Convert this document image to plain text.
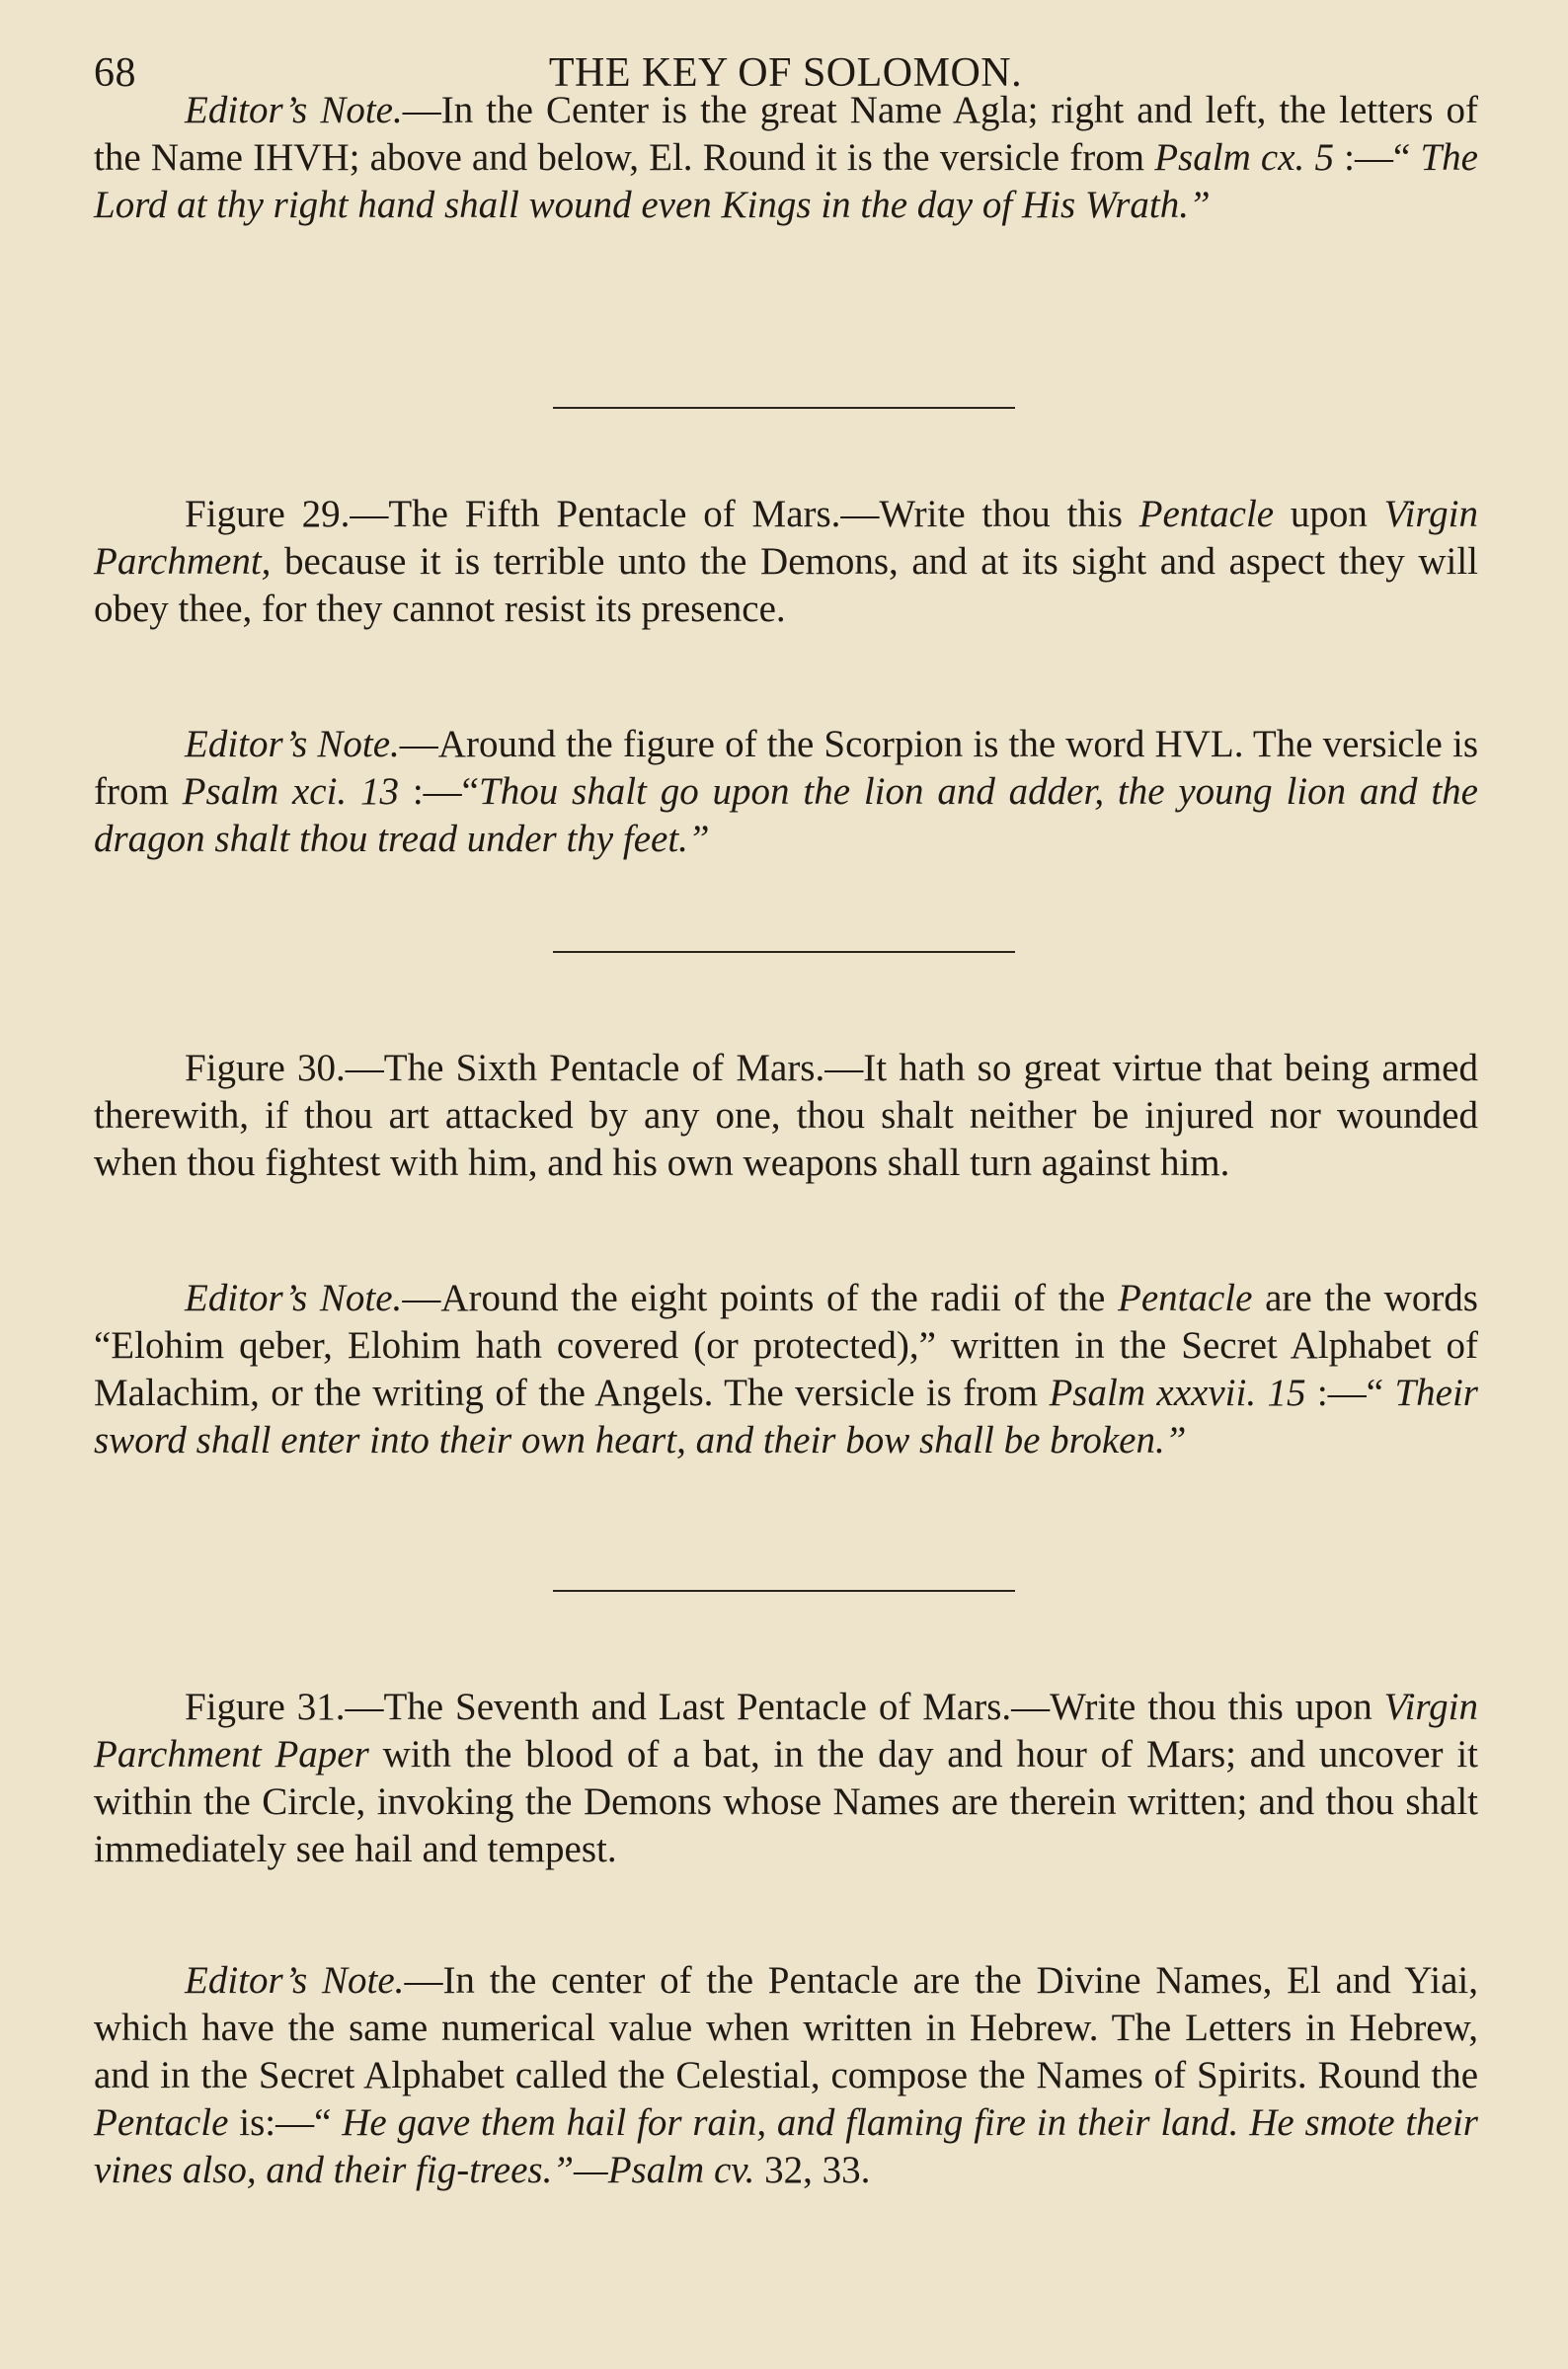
68	THE KEY OF SOLOMON.

Editor’s Note.—In the Center is the great Name Agla; right and left, the letters of the Name IHVH; above and below, El. Round it is the versicle from Psalm cx. 5 :—“ The Lord at thy right hand shall wound even Kings in the day of His Wrath.”

Figure 29.—The Fifth Pentacle of Mars.—Write thou this Pentacle upon Virgin Parchment, because it is terrible unto the Demons, and at its sight and aspect they will obey thee, for they cannot resist its presence.

Editor’s Note.—Around the figure of the Scorpion is the word HVL. The versicle is from Psalm xci. 13 :—“Thou shalt go upon the lion and adder, the young lion and the dragon shalt thou tread under thy feet.”

Figure 30.—The Sixth Pentacle of Mars.—It hath so great virtue that being armed therewith, if thou art attacked by any one, thou shalt neither be injured nor wounded when thou fightest with him, and his own weapons shall turn against him.

Editor’s Note.—Around the eight points of the radii of the Pentacle are the words “Elohim qeber, Elohim hath covered (or protected),” written in the Secret Alphabet of Malachim, or the writing of the Angels. The versicle is from Psalm xxxvii. 15 :—“ Their sword shall enter into their own heart, and their bow shall be broken.”

Figure 31.—The Seventh and Last Pentacle of Mars.—Write thou this upon Virgin Parchment Paper with the blood of a bat, in the day and hour of Mars; and uncover it within the Circle, invoking the Demons whose Names are therein written; and thou shalt immediately see hail and tempest.

Editor’s Note.—In the center of the Pentacle are the Divine Names, El and Yiai, which have the same numerical value when written in Hebrew. The Letters in Hebrew, and in the Secret Alphabet called the Celestial, compose the Names of Spirits. Round the Pentacle is:—“ He gave them hail for rain, and flaming fire in their land. He smote their vines also, and their fig-trees.”—Psalm cv. 32, 33.
